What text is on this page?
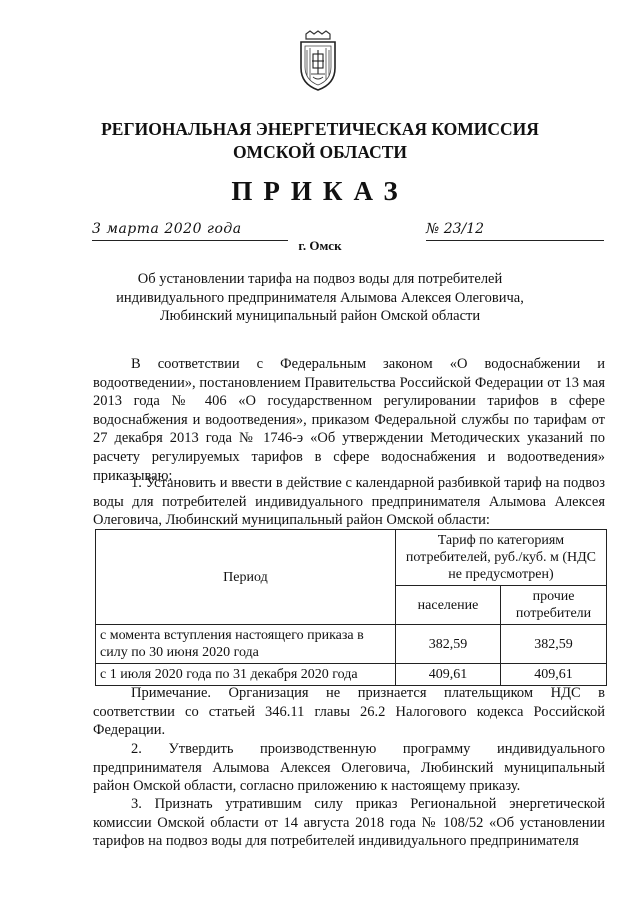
РЕГИОНАЛЬНАЯ ЭНЕРГЕТИЧЕСКАЯ КОМИССИЯ
ОМСКОЙ ОБЛАСТИ
ПРИКАЗ
3 марта 2020 года	№ 23/12
г. Омск
Об установлении тарифа на подвоз воды для потребителей
индивидуального предпринимателя Алымова Алексея Олеговича,
Любинский муниципальный район Омской области
В соответствии с Федеральным законом «О водоснабжении и водоотведении», постановлением Правительства Российской Федерации от 13 мая 2013 года № 406 «О государственном регулировании тарифов в сфере водоснабжения и водоотведения», приказом Федеральной службы по тарифам от 27 декабря 2013 года № 1746-э «Об утверждении Методических указаний по расчету регулируемых тарифов в сфере водоснабжения и водоотведения» приказываю:
1. Установить и ввести в действие с календарной разбивкой тариф на подвоз воды для потребителей индивидуального предпринимателя Алымова Алексея Олеговича, Любинский муниципальный район Омской области:
Период	Тариф по категориям потребителей, руб./куб. м (НДС не предусмотрен)	
	население	прочие потребители
с момента вступления настоящего приказа в силу по 30 июня 2020 года	382,59	382,59
с 1 июля 2020 года по 31 декабря 2020 года	409,61	409,61
Примечание. Организация не признается плательщиком НДС в соответствии со статьей 346.11 главы 26.2 Налогового кодекса Российской Федерации.
2. Утвердить производственную программу индивидуального предпринимателя Алымова Алексея Олеговича, Любинский муниципальный район Омской области, согласно приложению к настоящему приказу.
3. Признать утратившим силу приказ Региональной энергетической комиссии Омской области от 14 августа 2018 года № 108/52 «Об установлении тарифов на подвоз воды для потребителей индивидуального предпринимателя
